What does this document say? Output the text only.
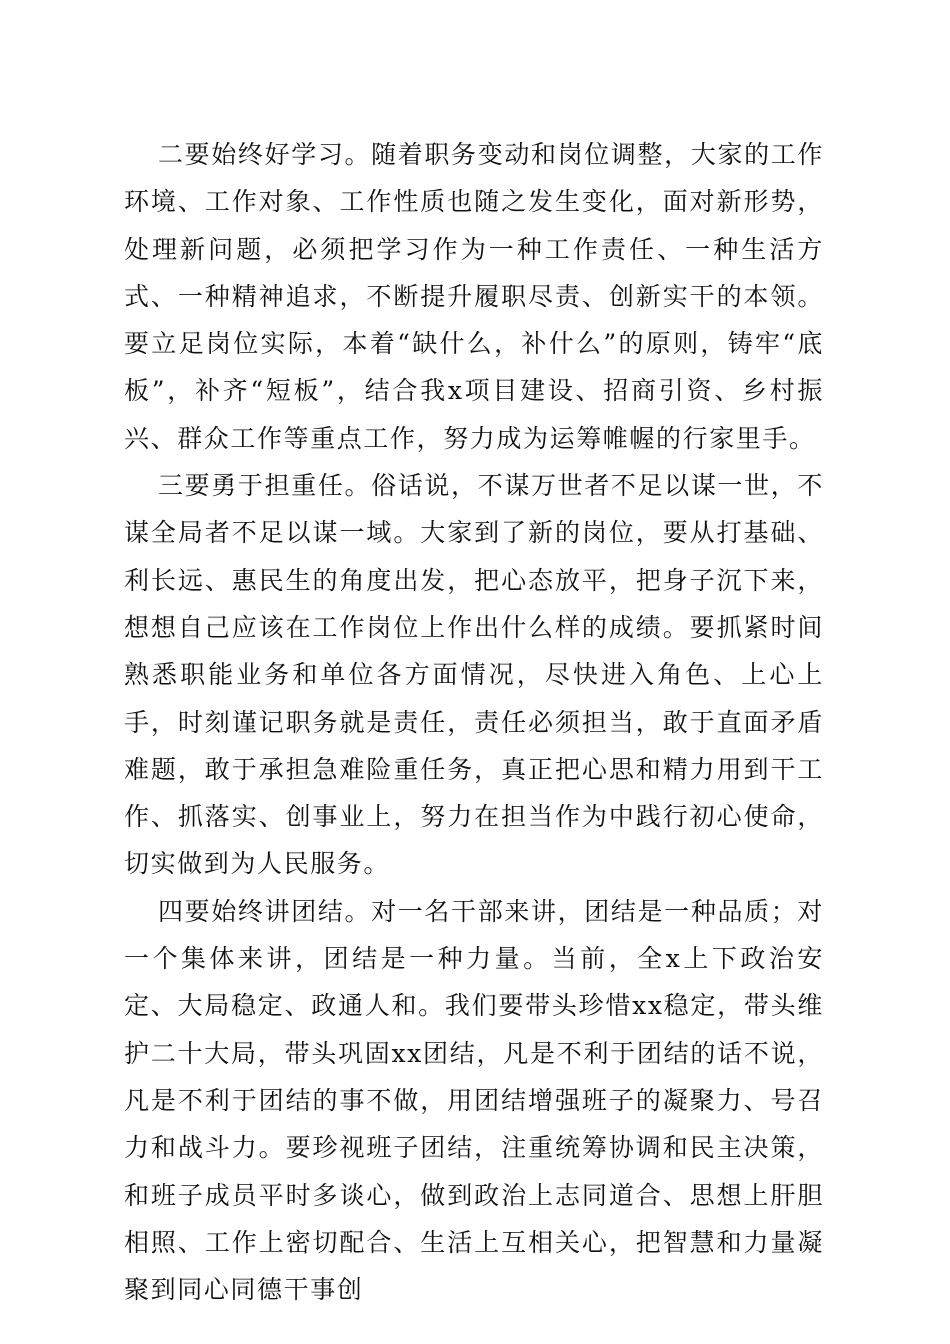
二要始终好学习。随着职务变动和岗位调整，大家的工作环境、工作对象、工作性质也随之发生变化，面对新形势，处理新问题，必须把学习作为一种工作责任、一种生活方式、一种精神追求，不断提升履职尽责、创新实干的本领。要立足岗位实际，本着“缺什么，补什么”的原则，铸牢“底板”，补齐“短板”，结合我x项目建设、招商引资、乡村振兴、群众工作等重点工作，努力成为运筹帷幄的行家里手。

三要勇于担重任。俗话说，不谋万世者不足以谋一世，不谋全局者不足以谋一域。大家到了新的岗位，要从打基础、利长远、惠民生的角度出发，把心态放平，把身子沉下来，想想自己应该在工作岗位上作出什么样的成绩。要抓紧时间熟悉职能业务和单位各方面情况，尽快进入角色、上心上手，时刻谨记职务就是责任，责任必须担当，敢于直面矛盾难题，敢于承担急难险重任务，真正把心思和精力用到干工作、抓落实、创事业上，努力在担当作为中践行初心使命，切实做到为人民服务。

四要始终讲团结。对一名干部来讲，团结是一种品质；对一个集体来讲，团结是一种力量。当前，全x上下政治安定、大局稳定、政通人和。我们要带头珍惜xx稳定，带头维护二十大局，带头巩固xx团结，凡是不利于团结的话不说，凡是不利于团结的事不做，用团结增强班子的凝聚力、号召力和战斗力。要珍视班子团结，注重统筹协调和民主决策，和班子成员平时多谈心，做到政治上志同道合、思想上肝胆相照、工作上密切配合、生活上互相关心，把智慧和力量凝聚到同心同德干事创
